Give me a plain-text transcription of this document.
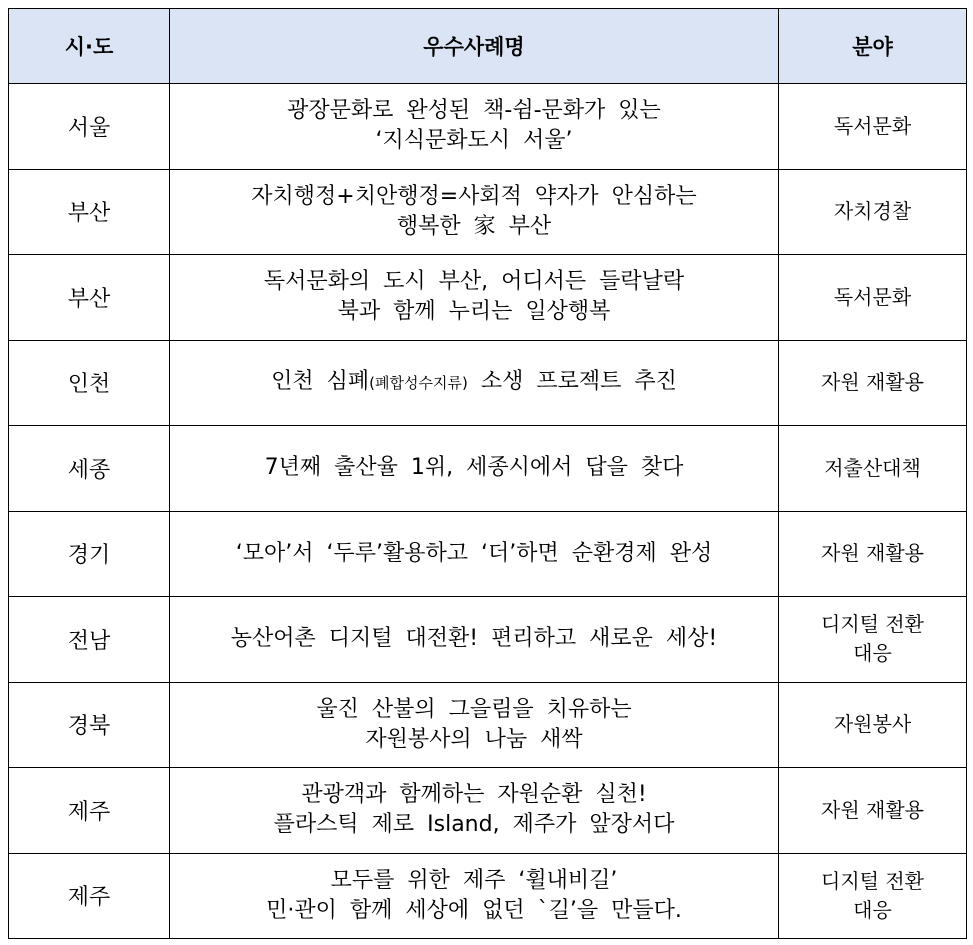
시·도	우수사례명	분야
서울	광장문화로 완성된 책-쉼-문화가 있는
‘지식문화도시 서울’	독서문화

부산	자치행정+치안행정=사회적 약자가 안심하는
행복한 家 부산	자치경찰

부산	독서문화의 도시 부산, 어디서든 들락날락
북과 함께 누리는 일상행복	독서문화

인천	인천 심폐(폐합성수지류) 소생 프로젝트 추진	자원 재활용

세종	7년째 출산율 1위, 세종시에서 답을 찾다	저출산대책

경기	‘모아’서 ‘두루’활용하고 ‘더’하면 순환경제 완성	자원 재활용

전남	농산어촌 디지털 대전환! 편리하고 새로운 세상!	디지털 전환
대응

경북	울진 산불의 그을림을 치유하는
자원봉사의 나눔 새싹	자원봉사

제주	관광객과 함께하는 자원순환 실천!
플라스틱 제로 Island, 제주가 앞장서다	자원 재활용

제주	모두를 위한 제주 ‘휠내비길’
민·관이 함께 세상에 없던 `길’을 만들다.	디지털 전환
대응
